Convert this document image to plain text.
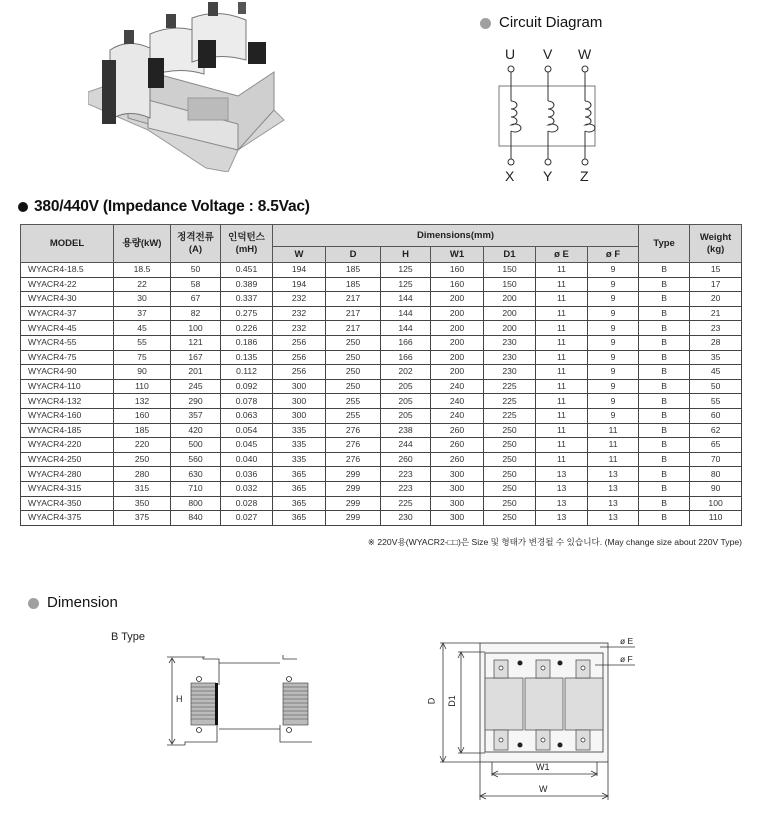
Circuit Diagram
U V W
X Y Z
380/440V (Impedance Voltage : 8.5Vac)
MODEL	용량(kW)	정격전류
(A)	인덕턴스
(mH)	Dimensions(mm)							Type	Weight
(kg)
				W	D	H	W1	D1	ø E	ø F		
WYACR4-18.5	18.5	50	0.451	194	185	125	160	150	11	9	B	15
WYACR4-22	22	58	0.389	194	185	125	160	150	11	9	B	17
WYACR4-30	30	67	0.337	232	217	144	200	200	11	9	B	20
WYACR4-37	37	82	0.275	232	217	144	200	200	11	9	B	21
WYACR4-45	45	100	0.226	232	217	144	200	200	11	9	B	23
WYACR4-55	55	121	0.186	256	250	166	200	230	11	9	B	28
WYACR4-75	75	167	0.135	256	250	166	200	230	11	9	B	35
WYACR4-90	90	201	0.112	256	250	202	200	230	11	9	B	45
WYACR4-110	110	245	0.092	300	250	205	240	225	11	9	B	50
WYACR4-132	132	290	0.078	300	255	205	240	225	11	9	B	55
WYACR4-160	160	357	0.063	300	255	205	240	225	11	9	B	60
WYACR4-185	185	420	0.054	335	276	238	260	250	11	11	B	62
WYACR4-220	220	500	0.045	335	276	244	260	250	11	11	B	65
WYACR4-250	250	560	0.040	335	276	260	260	250	11	11	B	70
WYACR4-280	280	630	0.036	365	299	223	300	250	13	13	B	80
WYACR4-315	315	710	0.032	365	299	223	300	250	13	13	B	90
WYACR4-350	350	800	0.028	365	299	225	300	250	13	13	B	100
WYACR4-375	375	840	0.027	365	299	230	300	250	13	13	B	110
※ 220V용(WYACR2-□□)은 Size 및 형태가 변경될 수 있습니다. (May change size about 220V Type)
Dimension
B Type
H	D D1
W1
W
ø E
ø F
